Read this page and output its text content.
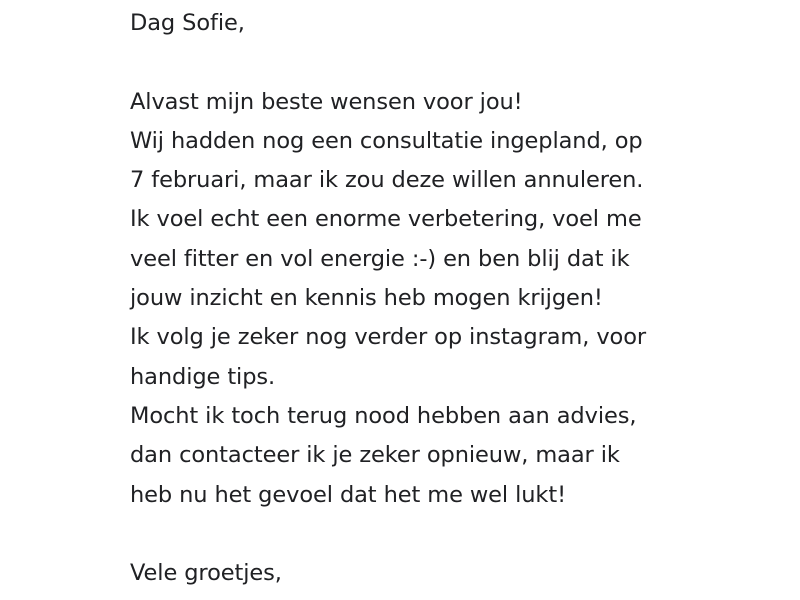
Dag Sofie,
Alvast mijn beste wensen voor jou!
Wij hadden nog een consultatie ingepland, op
7 februari, maar ik zou deze willen annuleren.
Ik voel echt een enorme verbetering, voel me
veel fitter en vol energie :-) en ben blij dat ik
jouw inzicht en kennis heb mogen krijgen!
Ik volg je zeker nog verder op instagram, voor
handige tips.
Mocht ik toch terug nood hebben aan advies,
dan contacteer ik je zeker opnieuw, maar ik
heb nu het gevoel dat het me wel lukt!
Vele groetjes,
